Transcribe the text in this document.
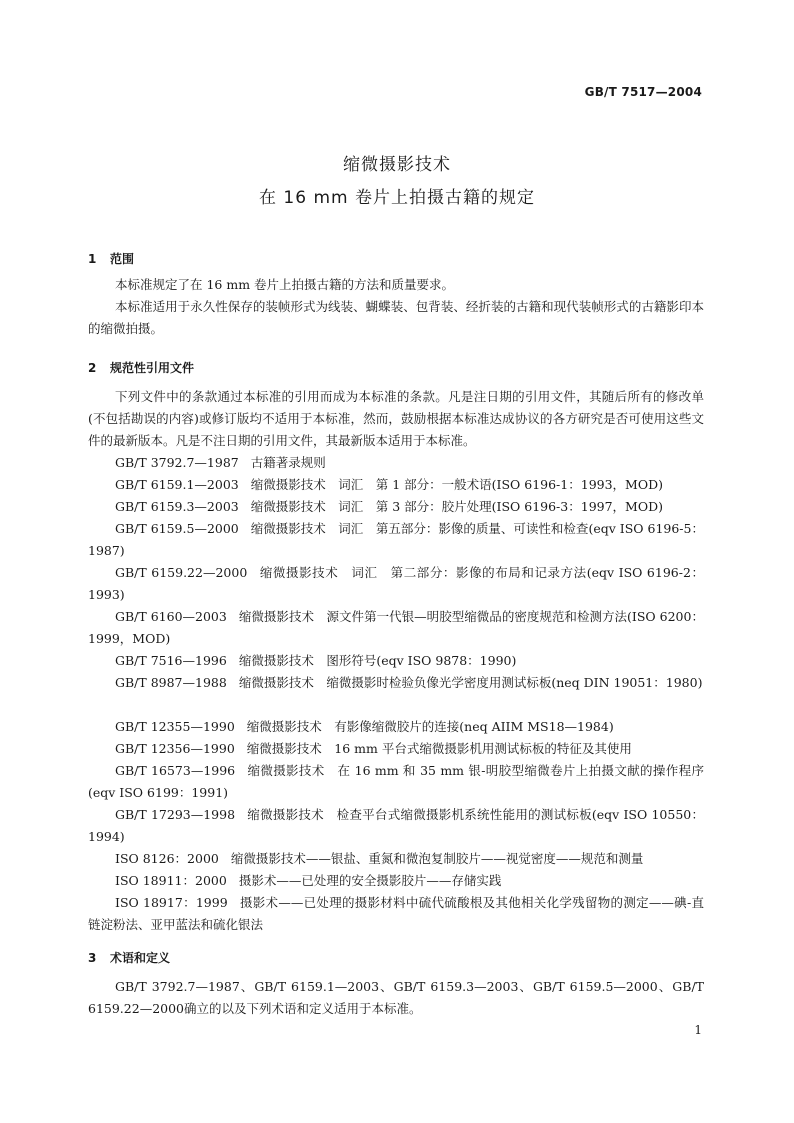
GB/T 7517—2004
缩微摄影技术
在 16 mm 卷片上拍摄古籍的规定
1 范围
本标准规定了在 16 mm 卷片上拍摄古籍的方法和质量要求。
本标准适用于永久性保存的装帧形式为线装、蝴蝶装、包背装、经折装的古籍和现代装帧形式的古籍影印本的缩微拍摄。
2 规范性引用文件
下列文件中的条款通过本标准的引用而成为本标准的条款。凡是注日期的引用文件，其随后所有的修改单(不包括勘误的内容)或修订版均不适用于本标准，然而，鼓励根据本标准达成协议的各方研究是否可使用这些文件的最新版本。凡是不注日期的引用文件，其最新版本适用于本标准。
GB/T 3792.7—1987 古籍著录规则
GB/T 6159.1—2003 缩微摄影技术　词汇　第 1 部分：一般术语(ISO 6196-1：1993，MOD)
GB/T 6159.3—2003 缩微摄影技术　词汇　第 3 部分：胶片处理(ISO 6196-3：1997，MOD)
GB/T 6159.5—2000 缩微摄影技术　词汇　第五部分：影像的质量、可读性和检查(eqv ISO 6196-5：1987)
GB/T 6159.22—2000 缩微摄影技术　词汇　第二部分：影像的布局和记录方法(eqv ISO 6196-2：1993)
GB/T 6160—2003 缩微摄影技术　源文件第一代银—明胶型缩微品的密度规范和检测方法(ISO 6200：1999，MOD)
GB/T 7516—1996 缩微摄影技术　图形符号(eqv ISO 9878：1990)
GB/T 8987—1988 缩微摄影技术　缩微摄影时检验负像光学密度用测试标板(neq DIN 19051：1980)
GB/T 12355—1990 缩微摄影技术　有影像缩微胶片的连接(neq AIIM MS18—1984)
GB/T 12356—1990 缩微摄影技术　16 mm 平台式缩微摄影机用测试标板的特征及其使用
GB/T 16573—1996 缩微摄影技术　在 16 mm 和 35 mm 银-明胶型缩微卷片上拍摄文献的操作程序(eqv ISO 6199：1991)
GB/T 17293—1998 缩微摄影技术　检查平台式缩微摄影机系统性能用的测试标板(eqv ISO 10550：1994)
ISO 8126：2000 缩微摄影技术——银盐、重氮和微泡复制胶片——视觉密度——规范和测量
ISO 18911：2000 摄影术——已处理的安全摄影胶片——存储实践
ISO 18917：1999 摄影术——已处理的摄影材料中硫代硫酸根及其他相关化学残留物的测定——碘-直链淀粉法、亚甲蓝法和硫化银法
3 术语和定义
GB/T 3792.7—1987、GB/T 6159.1—2003、GB/T 6159.3—2003、GB/T 6159.5—2000、GB/T 6159.22—2000确立的以及下列术语和定义适用于本标准。
1
